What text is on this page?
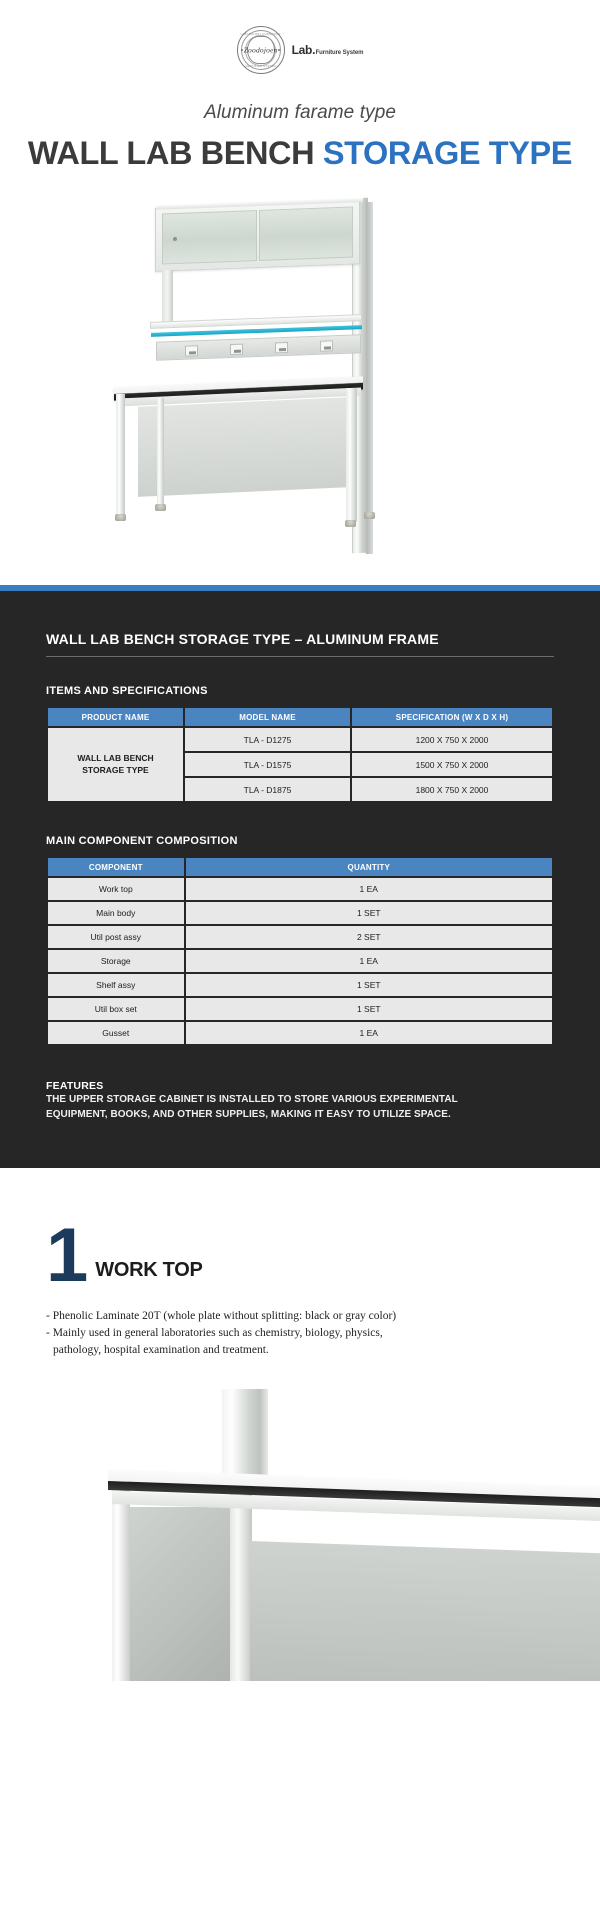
LABORATORY FURNITURE
Zoodojoen
CERTIFIED SYSTEM
Lab. Furniture System
Aluminum farame type
WALL LAB BENCH STORAGE TYPE
WALL LAB BENCH STORAGE TYPE – ALUMINUM FRAME
ITEMS AND SPECIFICATIONS
PRODUCT NAME	MODEL NAME	SPECIFICATION (W X D X H)
WALL LAB BENCH
STORAGE TYPE	TLA - D1275	1200 X 750 X 2000
	TLA - D1575	1500 X 750 X 2000
	TLA - D1875	1800 X 750 X 2000
MAIN COMPONENT COMPOSITION
COMPONENT	QUANTITY
Work top	1 EA
Main body	1 SET
Util post assy	2 SET
Storage	1 EA
Shelf assy	1 SET
Util box set	1 SET
Gusset	1 EA
FEATURES
THE UPPER STORAGE CABINET IS INSTALLED TO STORE VARIOUS EXPERIMENTAL
EQUIPMENT, BOOKS, AND OTHER SUPPLIES, MAKING IT EASY TO UTILIZE SPACE.
1 WORK TOP
- Phenolic Laminate 20T (whole plate without splitting: black or gray color)
- Mainly used in general laboratories such as chemistry, biology, physics,
pathology, hospital examination and treatment.
